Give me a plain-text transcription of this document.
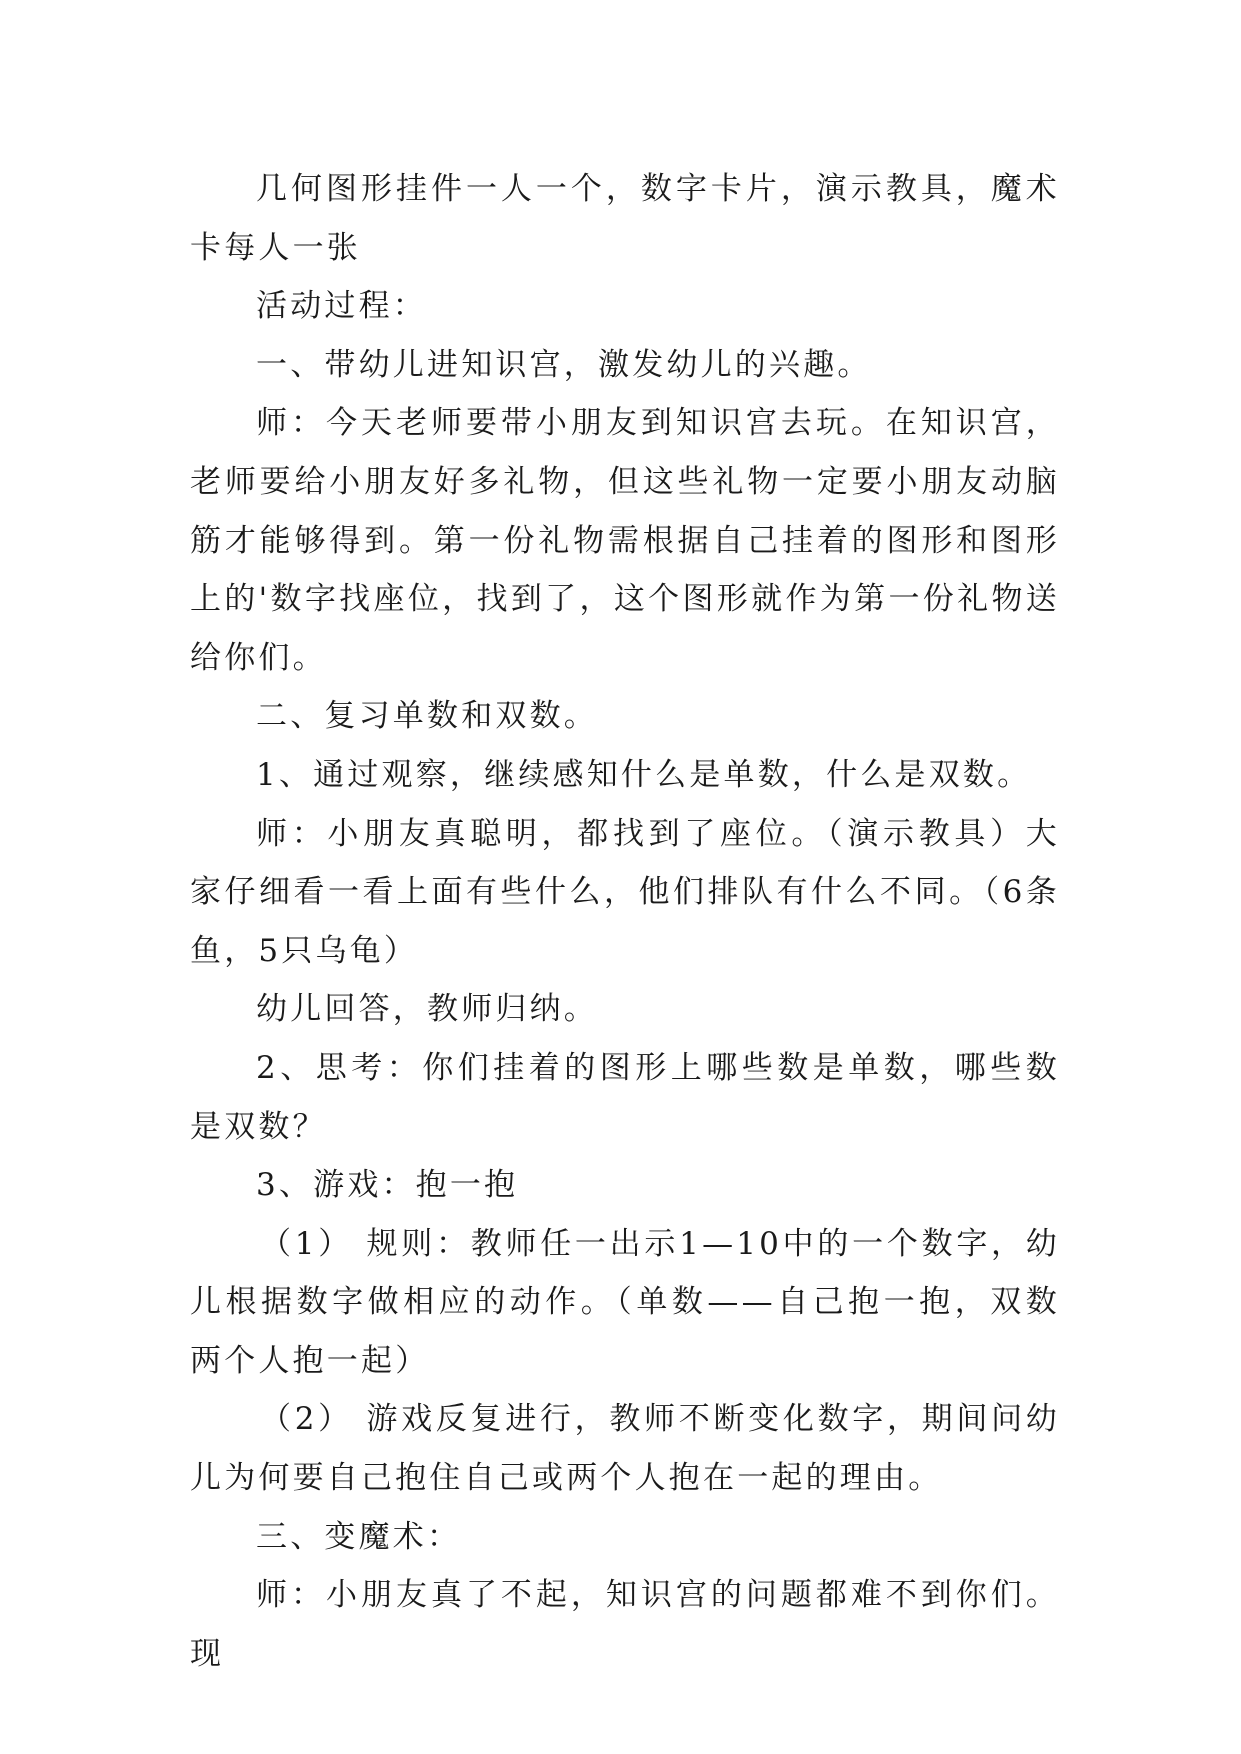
几何图形挂件一人一个，数字卡片，演示教具，魔术卡每人一张

活动过程：

一、带幼儿进知识宫，激发幼儿的兴趣。

师：今天老师要带小朋友到知识宫去玩。在知识宫，老师要给小朋友好多礼物，但这些礼物一定要小朋友动脑筋才能够得到。第一份礼物需根据自己挂着的图形和图形上的'数字找座位，找到了，这个图形就作为第一份礼物送给你们。

二、复习单数和双数。

1、通过观察，继续感知什么是单数，什么是双数。

师：小朋友真聪明，都找到了座位。（演示教具）大家仔细看一看上面有些什么，他们排队有什么不同。（6条鱼，5只乌龟）

幼儿回答，教师归纳。

2、思考：你们挂着的图形上哪些数是单数，哪些数是双数？

3、游戏：抱一抱

（1） 规则：教师任一出示1—10中的一个数字，幼儿根据数字做相应的动作。（单数——自己抱一抱，双数两个人抱一起）

（2） 游戏反复进行，教师不断变化数字，期间问幼儿为何要自己抱住自己或两个人抱在一起的理由。

三、变魔术：

师：小朋友真了不起，知识宫的问题都难不到你们。现
